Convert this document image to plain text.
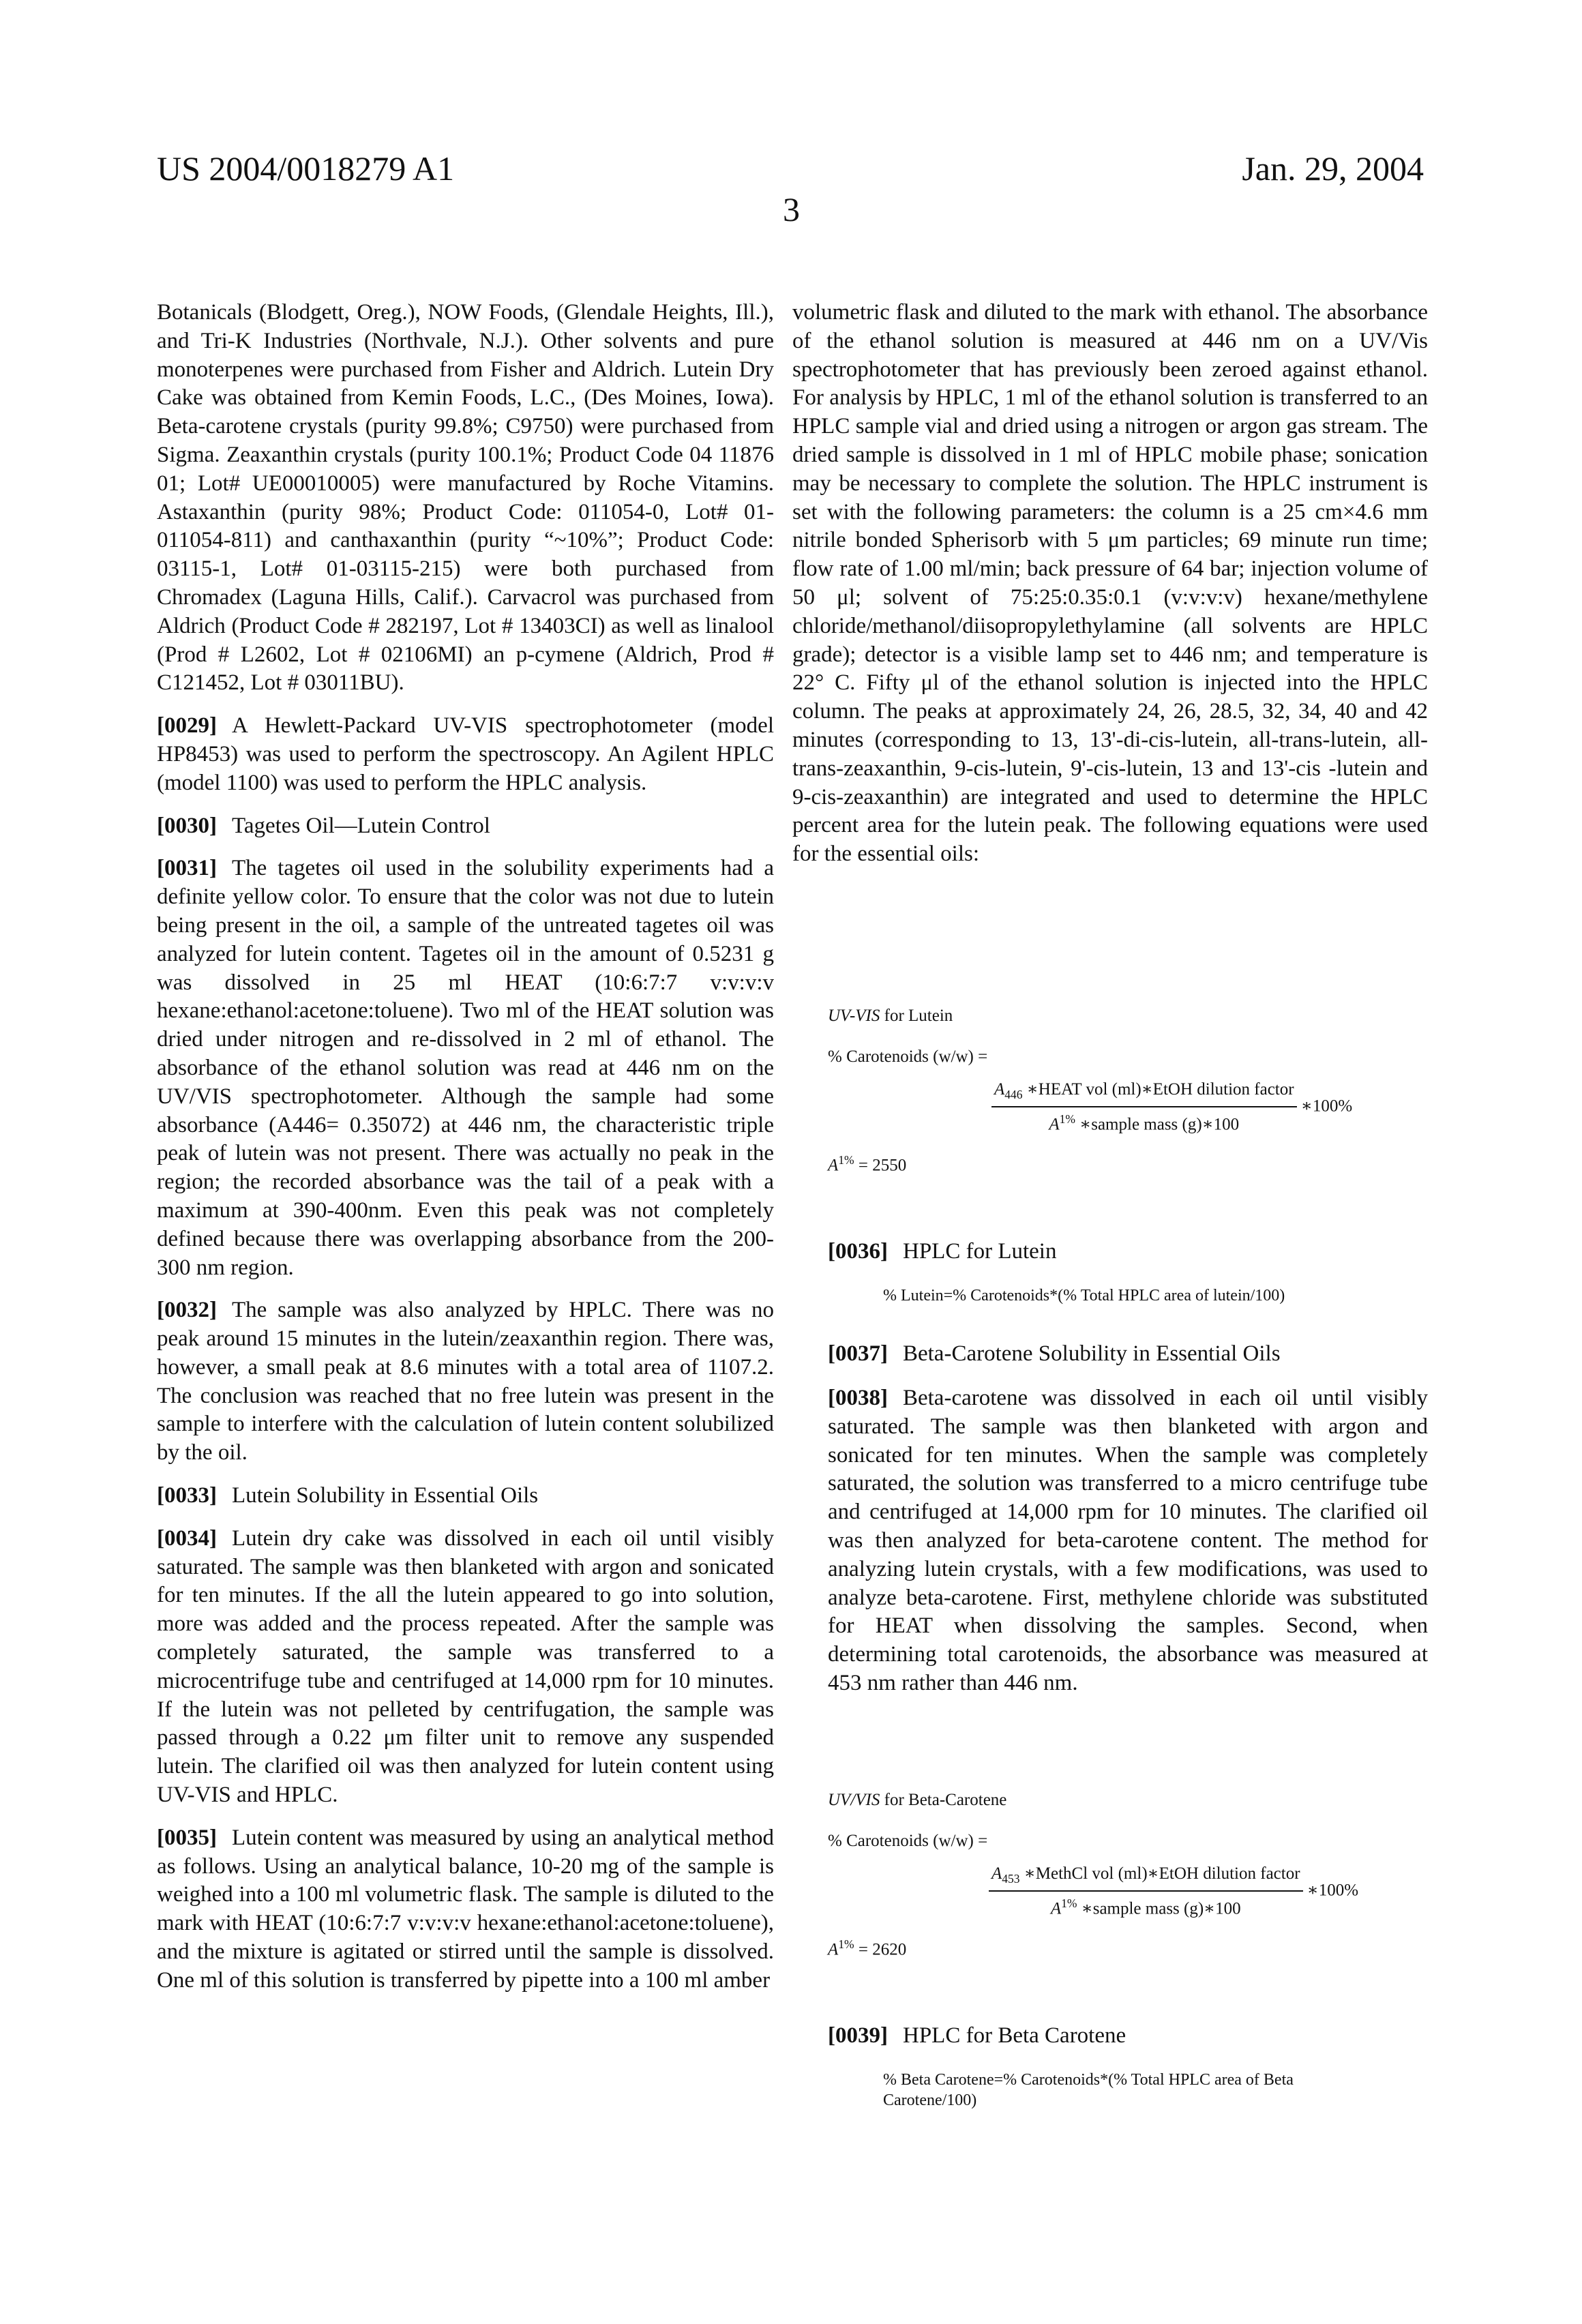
US 2004/0018279 A1	Jan. 29, 2004
3

Botanicals (Blodgett, Oreg.), NOW Foods, (Glendale Heights, Ill.), and Tri-K Industries (Northvale, N.J.). Other solvents and pure monoterpenes were purchased from Fisher and Aldrich. Lutein Dry Cake was obtained from Kemin Foods, L.C., (Des Moines, Iowa). Beta-carotene crystals (purity 99.8%; C9750) were purchased from Sigma. Zeaxanthin crystals (purity 100.1%; Product Code 04 11876 01; Lot# UE00010005) were manufactured by Roche Vitamins. Astaxanthin (purity 98%; Product Code: 011054-0, Lot# 01-011054-811) and canthaxanthin (purity “~10%”; Product Code: 03115-1, Lot# 01-03115-215) were both purchased from Chromadex (Laguna Hills, Calif.). Carvacrol was purchased from Aldrich (Product Code # 282197, Lot # 13403CI) as well as linalool (Prod # L2602, Lot # 02106MI) an p-cymene (Aldrich, Prod # C121452, Lot # 03011BU).

[0029] A Hewlett-Packard UV-VIS spectrophotometer (model HP8453) was used to perform the spectroscopy. An Agilent HPLC (model 1100) was used to perform the HPLC analysis.

[0030] Tagetes Oil—Lutein Control

[0031] The tagetes oil used in the solubility experiments had a definite yellow color. To ensure that the color was not due to lutein being present in the oil, a sample of the untreated tagetes oil was analyzed for lutein content. Tagetes oil in the amount of 0.5231 g was dissolved in 25 ml HEAT (10:6:7:7 v:v:v:v hexane:ethanol:acetone:toluene). Two ml of the HEAT solution was dried under nitrogen and re-dissolved in 2 ml of ethanol. The absorbance of the ethanol solution was read at 446 nm on the UV/VIS spectrophotometer. Although the sample had some absorbance (A446= 0.35072) at 446 nm, the characteristic triple peak of lutein was not present. There was actually no peak in the region; the recorded absorbance was the tail of a peak with a maximum at 390-400nm. Even this peak was not completely defined because there was overlapping absorbance from the 200-300 nm region.

[0032] The sample was also analyzed by HPLC. There was no peak around 15 minutes in the lutein/zeaxanthin region. There was, however, a small peak at 8.6 minutes with a total area of 1107.2. The conclusion was reached that no free lutein was present in the sample to interfere with the calculation of lutein content solubilized by the oil.

[0033] Lutein Solubility in Essential Oils

[0034] Lutein dry cake was dissolved in each oil until visibly saturated. The sample was then blanketed with argon and sonicated for ten minutes. If the all the lutein appeared to go into solution, more was added and the process repeated. After the sample was completely saturated, the sample was transferred to a microcentrifuge tube and centrifuged at 14,000 rpm for 10 minutes. If the lutein was not pelleted by centrifugation, the sample was passed through a 0.22 μm filter unit to remove any suspended lutein. The clarified oil was then analyzed for lutein content using UV-VIS and HPLC.

[0035] Lutein content was measured by using an analytical method as follows. Using an analytical balance, 10-20 mg of the sample is weighed into a 100 ml volumetric flask. The sample is diluted to the mark with HEAT (10:6:7:7 v:v:v:v hexane:ethanol:acetone:toluene), and the mixture is agitated or stirred until the sample is dissolved. One ml of this solution is transferred by pipette into a 100 ml amber

volumetric flask and diluted to the mark with ethanol. The absorbance of the ethanol solution is measured at 446 nm on a UV/Vis spectrophotometer that has previously been zeroed against ethanol. For analysis by HPLC, 1 ml of the ethanol solution is transferred to an HPLC sample vial and dried using a nitrogen or argon gas stream. The dried sample is dissolved in 1 ml of HPLC mobile phase; sonication may be necessary to complete the solution. The HPLC instrument is set with the following parameters: the column is a 25 cm×4.6 mm nitrile bonded Spherisorb with 5 μm particles; 69 minute run time; flow rate of 1.00 ml/min; back pressure of 64 bar; injection volume of 50 μl; solvent of 75:25:0.35:0.1 (v:v:v:v) hexane/methylene chloride/methanol/diisopropylethylamine (all solvents are HPLC grade); detector is a visible lamp set to 446 nm; and temperature is 22° C. Fifty μl of the ethanol solution is injected into the HPLC column. The peaks at approximately 24, 26, 28.5, 32, 34, 40 and 42 minutes (corresponding to 13, 13'-di-cis-lutein, all-trans-lutein, all-trans-zeaxanthin, 9-cis-lutein, 9'-cis-lutein, 13 and 13'-cis -lutein and 9-cis-zeaxanthin) are integrated and used to determine the HPLC percent area for the lutein peak. The following equations were used for the essential oils:

UV-VIS for Lutein
% Carotenoids (w/w) =
A446 ∗HEAT vol (ml)∗EtOH dilution factor
A1% ∗sample mass (g)∗100
∗100%
A1% = 2550
[0036] HPLC for Lutein
% Lutein=% Carotenoids*(% Total HPLC area of lutein/100)
[0037] Beta-Carotene Solubility in Essential Oils

[0038] Beta-carotene was dissolved in each oil until visibly saturated. The sample was then blanketed with argon and sonicated for ten minutes. When the sample was completely saturated, the solution was transferred to a micro centrifuge tube and centrifuged at 14,000 rpm for 10 minutes. The clarified oil was then analyzed for beta-carotene content. The method for analyzing lutein crystals, with a few modifications, was used to analyze beta-carotene. First, methylene chloride was substituted for HEAT when dissolving the samples. Second, when determining total carotenoids, the absorbance was measured at 453 nm rather than 446 nm.

UV/VIS for Beta-Carotene
% Carotenoids (w/w) =
A453 ∗MethCl vol (ml)∗EtOH dilution factor
A1% ∗sample mass (g)∗100
∗100%
A1% = 2620
[0039] HPLC for Beta Carotene
% Beta Carotene=% Carotenoids*(% Total HPLC area of Beta Carotene/100)
